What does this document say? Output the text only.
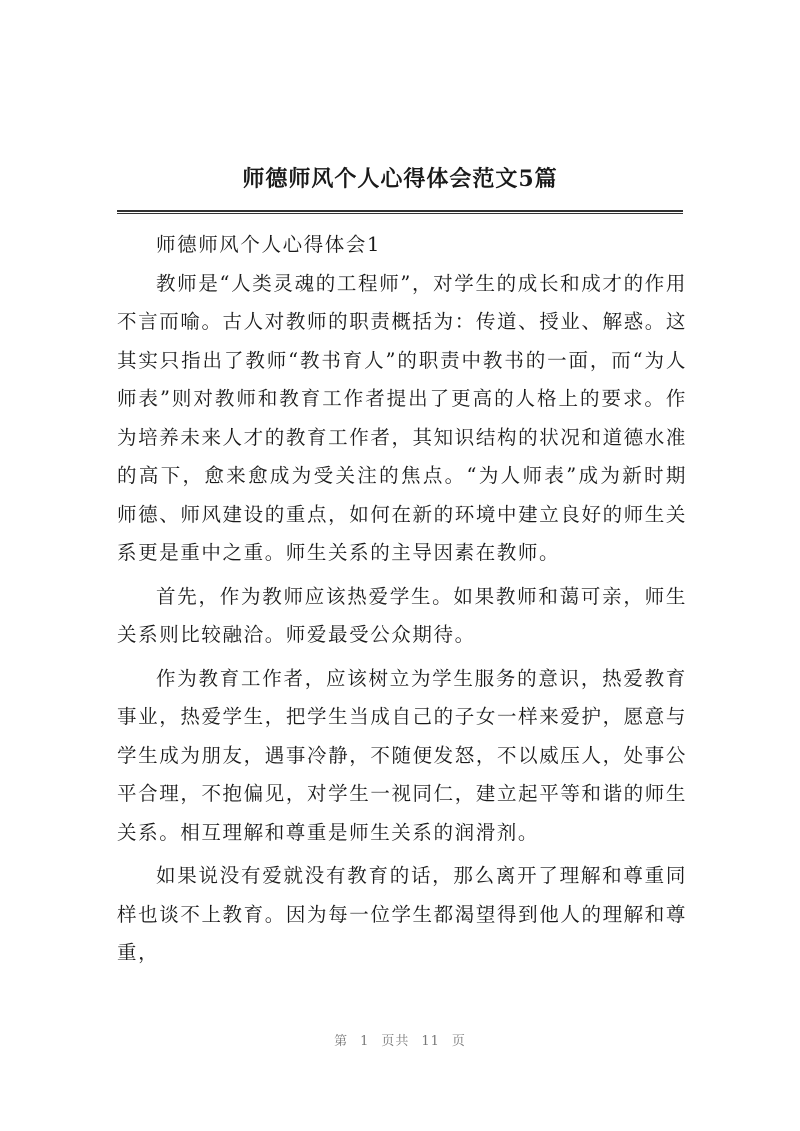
师德师风个人心得体会范文5篇

师德师风个人心得体会1

教师是“人类灵魂的工程师”，对学生的成长和成才的作用不言而喻。古人对教师的职责概括为：传道、授业、解惑。这其实只指出了教师“教书育人”的职责中教书的一面，而“为人师表”则对教师和教育工作者提出了更高的人格上的要求。作为培养未来人才的教育工作者，其知识结构的状况和道德水准的高下，愈来愈成为受关注的焦点。“为人师表”成为新时期师德、师风建设的重点，如何在新的环境中建立良好的师生关系更是重中之重。师生关系的主导因素在教师。

首先，作为教师应该热爱学生。如果教师和蔼可亲，师生关系则比较融洽。师爱最受公众期待。

作为教育工作者，应该树立为学生服务的意识，热爱教育事业，热爱学生，把学生当成自己的子女一样来爱护，愿意与学生成为朋友，遇事冷静，不随便发怒，不以威压人，处事公平合理，不抱偏见，对学生一视同仁，建立起平等和谐的师生关系。相互理解和尊重是师生关系的润滑剂。

如果说没有爱就没有教育的话，那么离开了理解和尊重同样也谈不上教育。因为每一位学生都渴望得到他人的理解和尊重，

第 1 页共 11 页
